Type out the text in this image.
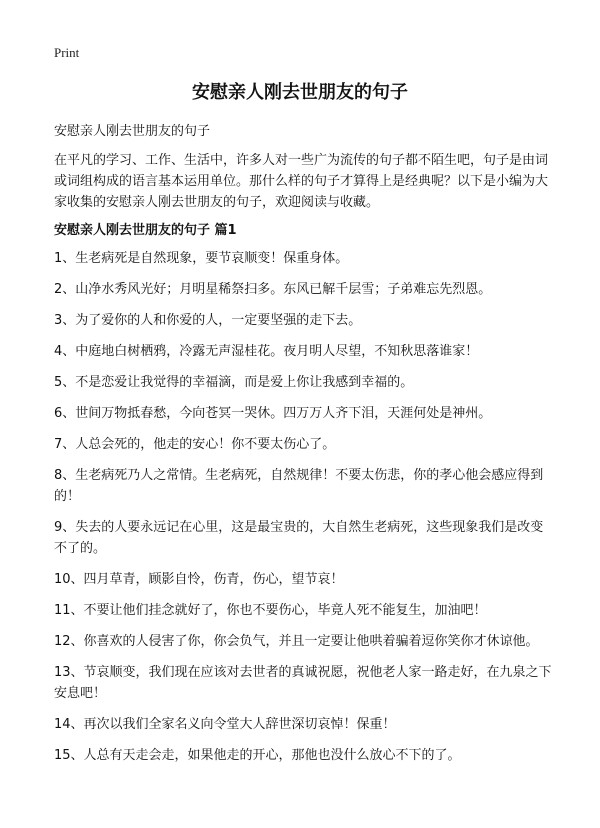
Print
安慰亲人刚去世朋友的句子
安慰亲人刚去世朋友的句子

在平凡的学习、工作、生活中，许多人对一些广为流传的句子都不陌生吧，句子是由词或词组构成的语言基本运用单位。那什么样的句子才算得上是经典呢？以下是小编为大家收集的安慰亲人刚去世朋友的句子，欢迎阅读与收藏。

安慰亲人刚去世朋友的句子 篇1
1、生老病死是自然现象，要节哀顺变！保重身体。
2、山净水秀风光好；月明星稀祭扫多。东风已解千层雪；子弟难忘先烈恩。
3、为了爱你的人和你爱的人，一定要坚强的走下去。
4、中庭地白树栖鸦，冷露无声湿桂花。夜月明人尽望，不知秋思落谁家！
5、不是恋爱让我觉得的幸福滴，而是爱上你让我感到幸福的。
6、世间万物抵春愁，今向苍冥一哭休。四万万人齐下泪，天涯何处是神州。
7、人总会死的，他走的安心！你不要太伤心了。
8、生老病死乃人之常情。生老病死，自然规律！不要太伤悲，你的孝心他会感应得到的！
9、失去的人要永远记在心里，这是最宝贵的，大自然生老病死，这些现象我们是改变不了的。
10、四月草青，顾影自怜，伤青，伤心，望节哀！
11、不要让他们挂念就好了，你也不要伤心，毕竟人死不能复生，加油吧！
12、你喜欢的人侵害了你，你会负气，并且一定要让他哄着骗着逗你笑你才休谅他。
13、节哀顺变，我们现在应该对去世者的真诚祝愿，祝他老人家一路走好，在九泉之下安息吧！
14、再次以我们全家名义向令堂大人辞世深切哀悼！保重！
15、人总有天走会走，如果他走的开心，那他也没什么放心不下的了。
